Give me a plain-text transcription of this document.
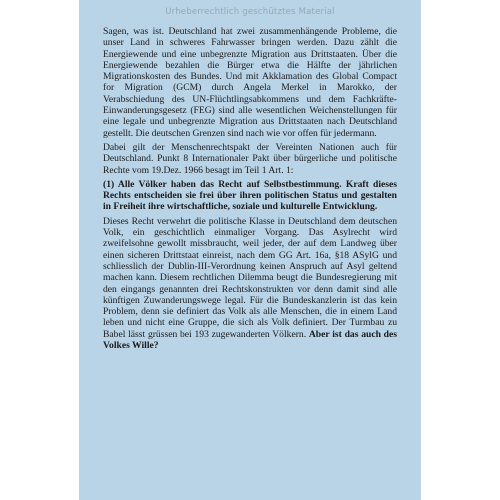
Urheberrechtlich geschütztes Material

Sagen, was ist. Deutschland hat zwei zusammenhängende Probleme, die unser Land in schweres Fahrwasser bringen werden. Dazu zählt die Energiewende und eine unbegrenzte Migration aus Drittstaaten. Über die Energiewende bezahlen die Bürger etwa die Hälfte der jährlichen Migrationskosten des Bundes. Und mit Akklamation des Global Compact for Migration (GCM) durch Angela Merkel in Marokko, der Verabschiedung des UN-Flüchtlingsabkommens und dem Fachkräfte-Einwanderungsgesetz (FEG) sind alle wesentlichen Weichenstellungen für eine legale und unbegrenzte Migration aus Drittstaaten nach Deutschland gestellt. Die deutschen Grenzen sind nach wie vor offen für jedermann.

Dabei gilt der Menschenrechtspakt der Vereinten Nationen auch für Deutschland. Punkt 8 Internationaler Pakt über bürgerliche und politische Rechte vom 19.Dez. 1966 besagt im Teil 1 Art. 1:

(1) Alle Völker haben das Recht auf Selbstbestimmung. Kraft dieses Rechts entscheiden sie frei über ihren politischen Status und gestalten in Freiheit ihre wirtschaftliche, soziale und kulturelle Entwicklung.

Dieses Recht verwehrt die politische Klasse in Deutschland dem deutschen Volk, ein geschichtlich einmaliger Vorgang. Das Asylrecht wird zweifelsohne gewollt missbraucht, weil jeder, der auf dem Landweg über einen sicheren Drittstaat einreist, nach dem GG Art. 16a, §18 ASylG und schliesslich der Dublin-III-Verordnung keinen Anspruch auf Asyl geltend machen kann. Diesem rechtlichen Dilemma beugt die Bundesregierung mit den eingangs genannten drei Rechtskonstrukten vor denn damit sind alle künftigen Zuwanderungswege legal. Für die Bundeskanzlerin ist das kein Problem, denn sie definiert das Volk als alle Menschen, die in einem Land leben und nicht eine Gruppe, die sich als Volk definiert. Der Turmbau zu Babel lässt grüssen bei 193 zugewanderten Völkern. Aber ist das auch des Volkes Wille?
